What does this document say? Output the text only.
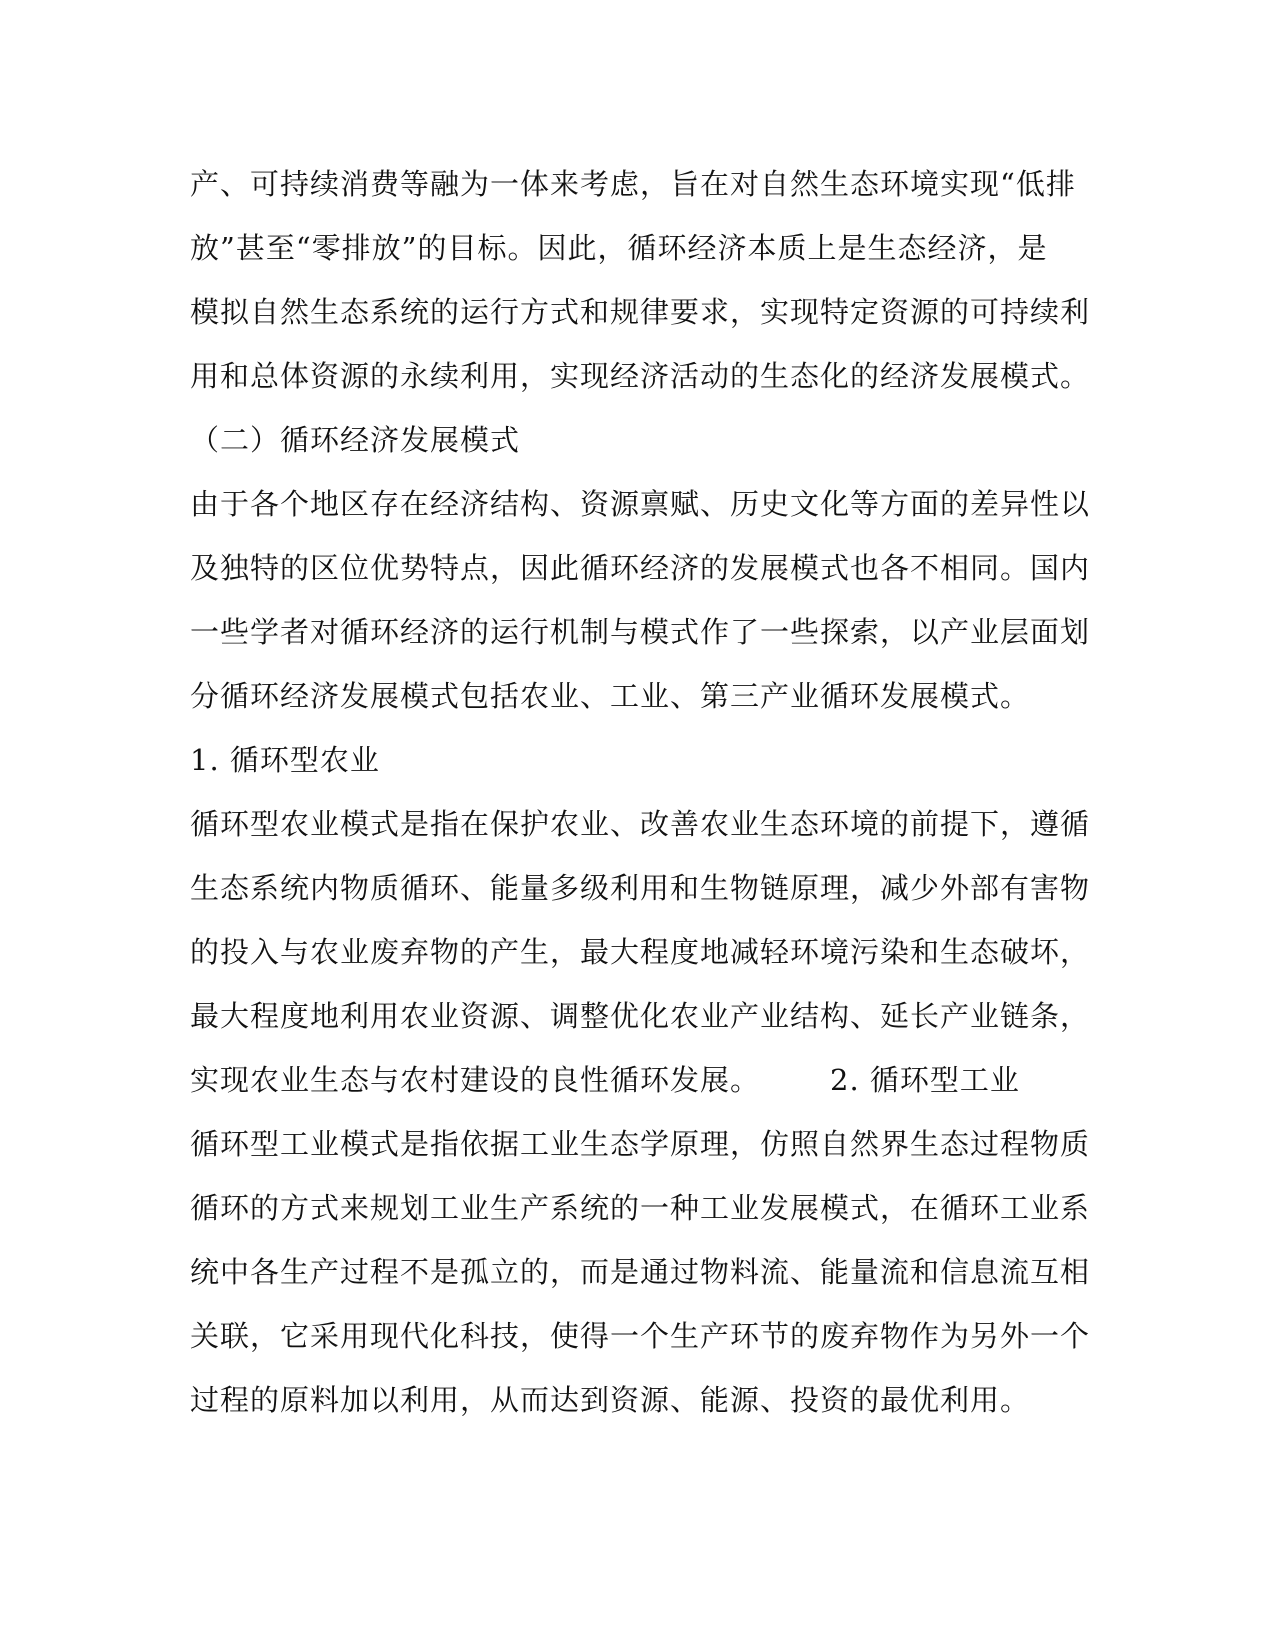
产、可持续消费等融为一体来考虑，旨在对自然生态环境实现“低排
放”甚至“零排放”的目标。因此，循环经济本质上是生态经济，是
模拟自然生态系统的运行方式和规律要求，实现特定资源的可持续利
用和总体资源的永续利用，实现经济活动的生态化的经济发展模式。
（二）循环经济发展模式
由于各个地区存在经济结构、资源禀赋、历史文化等方面的差异性以
及独特的区位优势特点，因此循环经济的发展模式也各不相同。国内
一些学者对循环经济的运行机制与模式作了一些探索，以产业层面划
分循环经济发展模式包括农业、工业、第三产业循环发展模式。
1. 循环型农业
循环型农业模式是指在保护农业、改善农业生态环境的前提下，遵循
生态系统内物质循环、能量多级利用和生物链原理，减少外部有害物
的投入与农业废弃物的产生，最大程度地减轻环境污染和生态破坏，
最大程度地利用农业资源、调整优化农业产业结构、延长产业链条，
实现农业生态与农村建设的良性循环发展。 2. 循环型工业
循环型工业模式是指依据工业生态学原理，仿照自然界生态过程物质
循环的方式来规划工业生产系统的一种工业发展模式，在循环工业系
统中各生产过程不是孤立的，而是通过物料流、能量流和信息流互相
关联，它采用现代化科技，使得一个生产环节的废弃物作为另外一个
过程的原料加以利用，从而达到资源、能源、投资的最优利用。
